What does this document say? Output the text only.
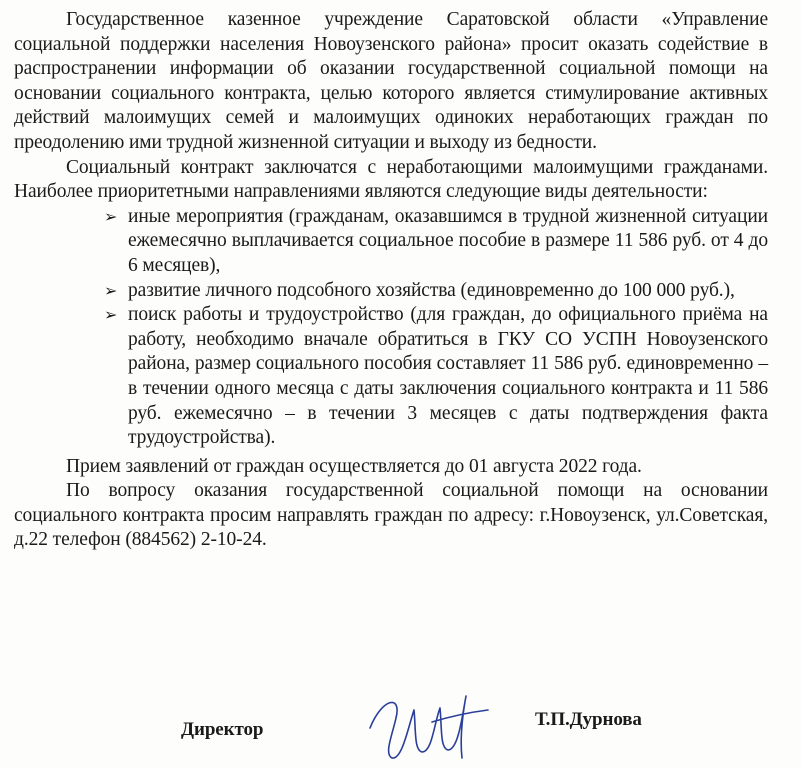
Государственное казенное учреждение Саратовской области «Управление социальной поддержки населения Новоузенского района» просит оказать содействие в распространении информации об оказании государственной социальной помощи на основании социального контракта, целью которого является стимулирование активных действий малоимущих семей и малоимущих одиноких неработающих граждан по преодолению ими трудной жизненной ситуации и выходу из бедности.

Социальный контракт заключатся с неработающими малоимущими гражданами. Наиболее приоритетными направлениями являются следующие виды деятельности:

➢ иные мероприятия (гражданам, оказавшимся в трудной жизненной ситуации ежемесячно выплачивается социальное пособие в размере 11 586 руб. от 4 до 6 месяцев),
➢ развитие личного подсобного хозяйства (единовременно до 100 000 руб.),
➢ поиск работы и трудоустройство (для граждан, до официального приёма на работу, необходимо вначале обратиться в ГКУ СО УСПН Новоузенского района, размер социального пособия составляет 11 586 руб. единовременно – в течении одного месяца с даты заключения социального контракта и 11 586 руб. ежемесячно – в течении 3 месяцев с даты подтверждения факта трудоустройства).

Прием заявлений от граждан осуществляется до 01 августа 2022 года.

По вопросу оказания государственной социальной помощи на основании социального контракта просим направлять граждан по адресу: г.Новоузенск, ул.Советская, д.22 телефон (884562) 2-10-24.

Директор	Т.П.Дурнова
